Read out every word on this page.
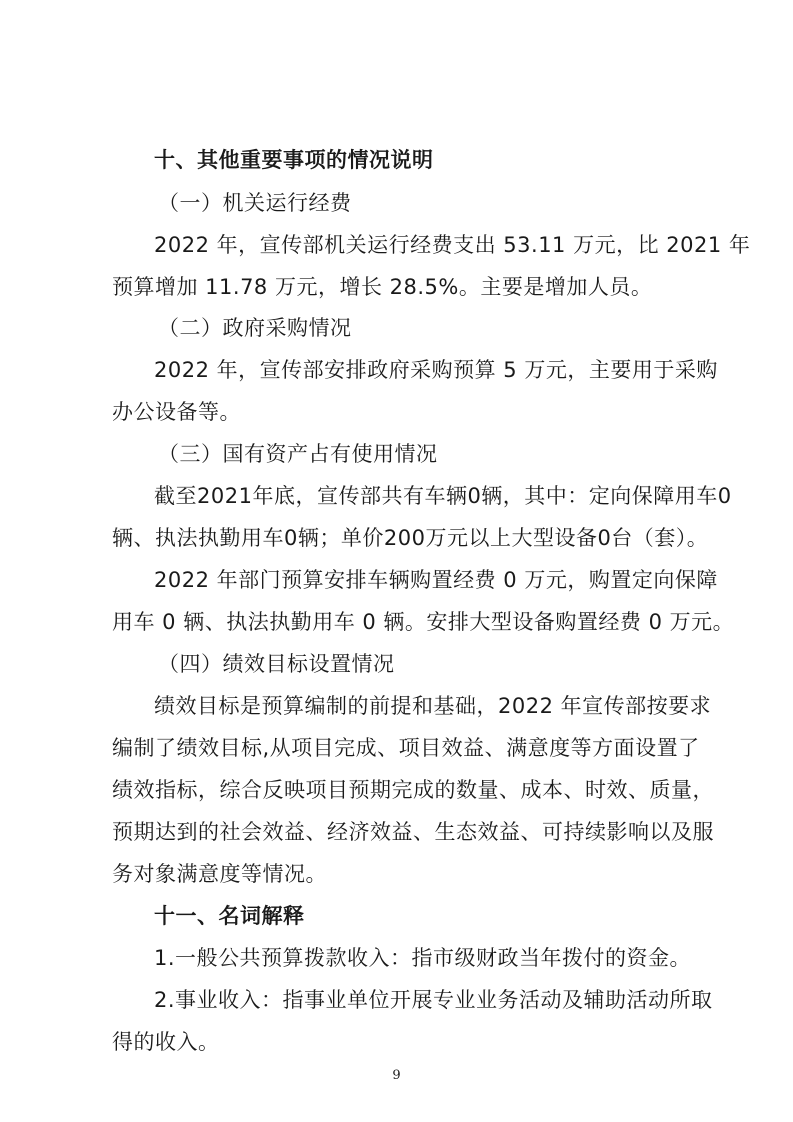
十、其他重要事项的情况说明
（一）机关运行经费
2022 年，宣传部机关运行经费支出 53.11 万元，比 2021 年
预算增加 11.78 万元，增长 28.5%。主要是增加人员。
（二）政府采购情况
2022 年，宣传部安排政府采购预算 5 万元，主要用于采购
办公设备等。
（三）国有资产占有使用情况
截至2021年底，宣传部共有车辆0辆，其中：定向保障用车0
辆、执法执勤用车0辆；单价200万元以上大型设备0台（套）。
2022 年部门预算安排车辆购置经费 0 万元，购置定向保障
用车 0 辆、执法执勤用车 0 辆。安排大型设备购置经费 0 万元。
（四）绩效目标设置情况
绩效目标是预算编制的前提和基础，2022 年宣传部按要求
编制了绩效目标,从项目完成、项目效益、满意度等方面设置了
绩效指标，综合反映项目预期完成的数量、成本、时效、质量，
预期达到的社会效益、经济效益、生态效益、可持续影响以及服
务对象满意度等情况。
十一、名词解释
1.一般公共预算拨款收入：指市级财政当年拨付的资金。
2.事业收入：指事业单位开展专业业务活动及辅助活动所取
得的收入。
9
